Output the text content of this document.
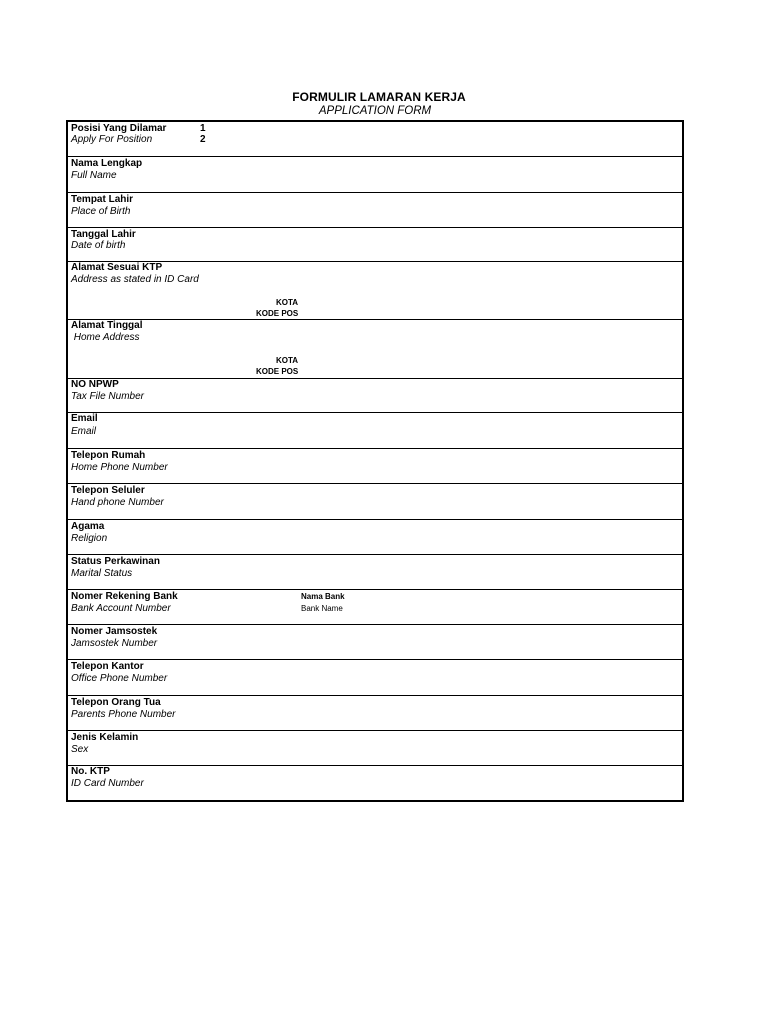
FORMULIR LAMARAN KERJA
APPLICATION FORM
Posisi Yang Dilamar
Apply For Position
1
2
Nama Lengkap
Full Name
Tempat Lahir
Place of Birth
Tanggal Lahir
Date of birth
Alamat Sesuai KTP
Address as stated in ID Card
KOTA
KODE POS
Alamat Tinggal
Home Address
KOTA
KODE POS
NO NPWP
Tax File Number
Email
Email
Telepon Rumah
Home Phone Number
Telepon Seluler
Hand phone Number
Agama
Religion
Status Perkawinan
Marital Status
Nomer Rekening Bank
Bank Account Number
Nama Bank
Bank Name
Nomer Jamsostek
Jamsostek Number
Telepon Kantor
Office Phone Number
Telepon Orang Tua
Parents Phone Number
Jenis Kelamin
Sex
No. KTP
ID Card Number
